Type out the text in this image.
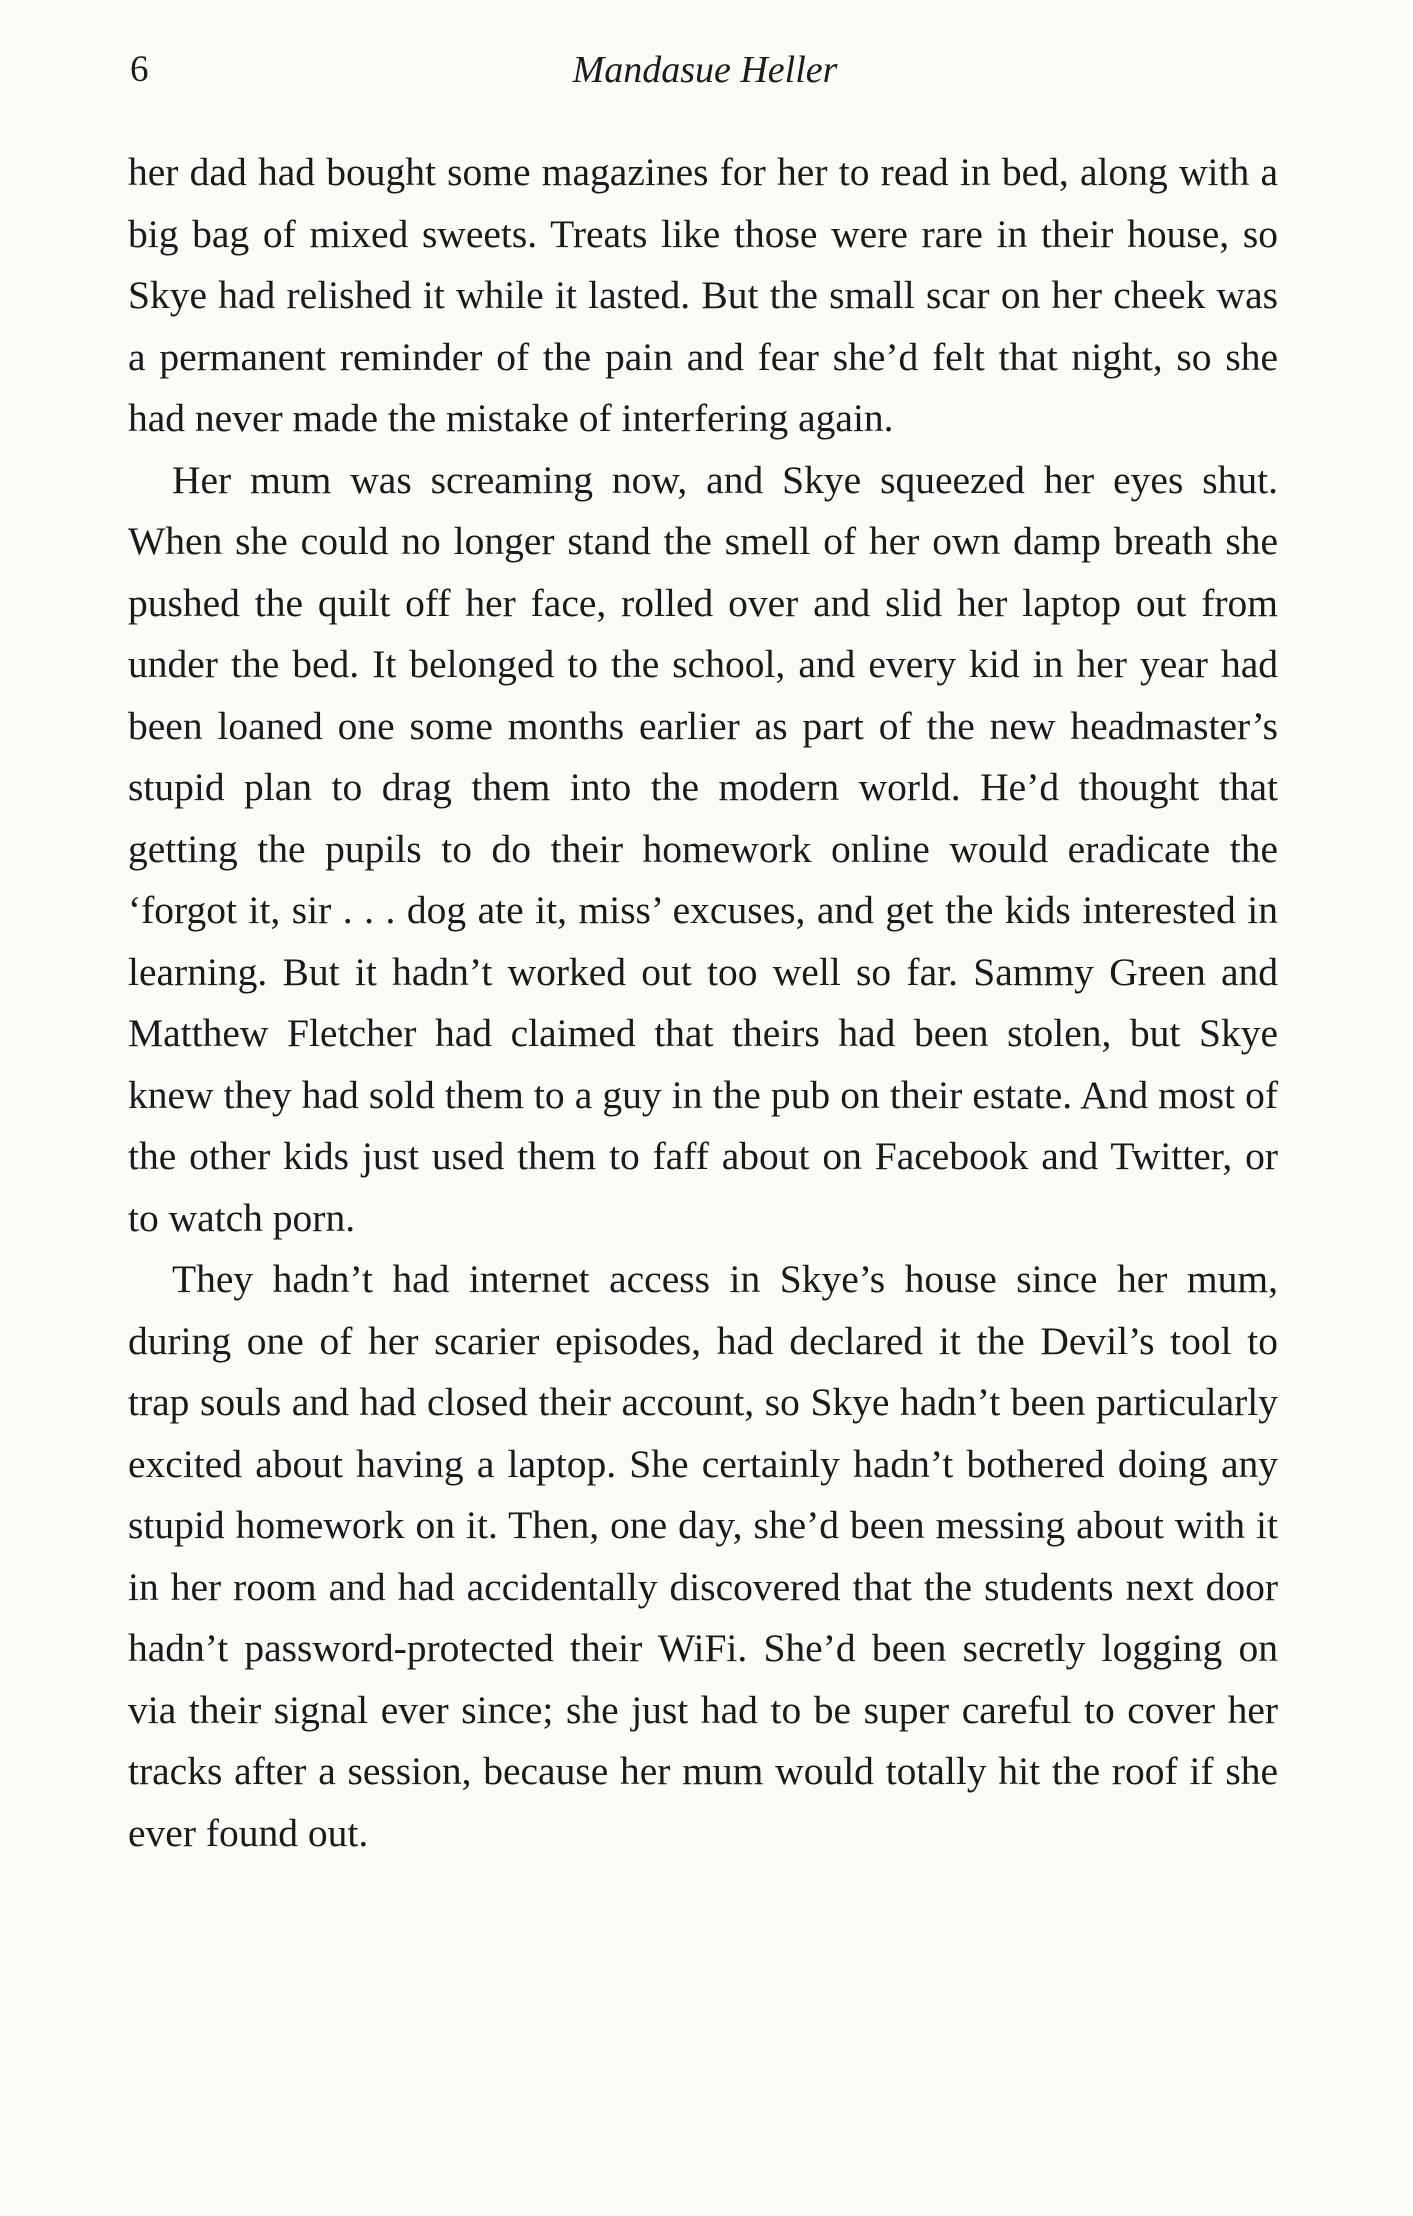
6	Mandasue Heller

her dad had bought some magazines for her to read in bed, along with a big bag of mixed sweets. Treats like those were rare in their house, so Skye had relished it while it lasted. But the small scar on her cheek was a permanent reminder of the pain and fear she’d felt that night, so she had never made the mistake of interfering again.

Her mum was screaming now, and Skye squeezed her eyes shut. When she could no longer stand the smell of her own damp breath she pushed the quilt off her face, rolled over and slid her laptop out from under the bed. It belonged to the school, and every kid in her year had been loaned one some months earlier as part of the new headmaster’s stupid plan to drag them into the modern world. He’d thought that getting the pupils to do their homework online would eradicate the ‘forgot it, sir . . . dog ate it, miss’ excuses, and get the kids interested in learning. But it hadn’t worked out too well so far. Sammy Green and Matthew Fletcher had claimed that theirs had been stolen, but Skye knew they had sold them to a guy in the pub on their estate. And most of the other kids just used them to faff about on Facebook and Twitter, or to watch porn.

They hadn’t had internet access in Skye’s house since her mum, during one of her scarier episodes, had declared it the Devil’s tool to trap souls and had closed their account, so Skye hadn’t been particularly excited about having a laptop. She certainly hadn’t bothered doing any stupid homework on it. Then, one day, she’d been messing about with it in her room and had accidentally discovered that the students next door hadn’t password-protected their WiFi. She’d been secretly logging on via their signal ever since; she just had to be super careful to cover her tracks after a session, because her mum would totally hit the roof if she ever found out.
